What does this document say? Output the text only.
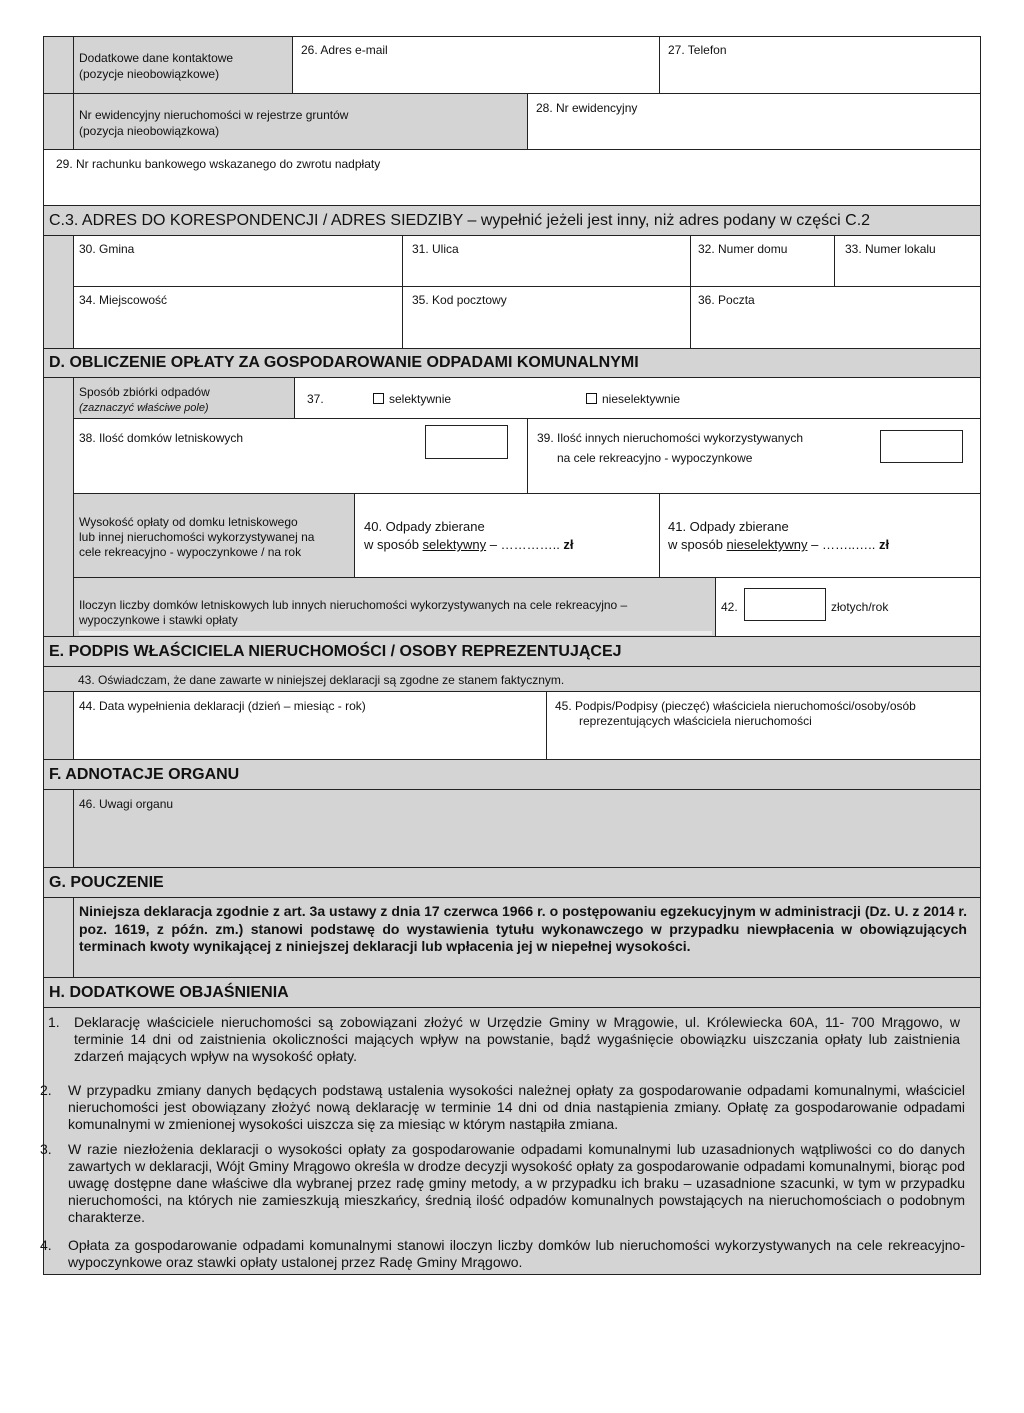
Dodatkowe dane kontaktowe
(pozycje nieobowiązkowe)
26. Adres e-mail	27. Telefon
Nr ewidencyjny nieruchomości w rejestrze gruntów
(pozycja nieobowiązkowa)
28. Nr ewidencyjny
29. Nr rachunku bankowego wskazanego do zwrotu nadpłaty
C.3. ADRES DO KORESPONDENCJI / ADRES SIEDZIBY – wypełnić jeżeli jest inny, niż adres podany w części C.2
30. Gmina	31. Ulica	32. Numer domu	33. Numer lokalu
34. Miejscowość	35. Kod pocztowy	36. Poczta
D. OBLICZENIE OPŁATY ZA GOSPODAROWANIE ODPADAMI KOMUNALNYMI
Sposób zbiórki odpadów
(zaznaczyć właściwe pole)
37.	selektywnie	nieselektywnie
38. Ilość domków letniskowych	39. Ilość innych nieruchomości wykorzystywanych
na cele rekreacyjno - wypoczynkowe
Wysokość opłaty od domku letniskowego
lub innej nieruchomości wykorzystywanej na
cele rekreacyjno - wypoczynkowe / na rok
40. Odpady zbierane
w sposób selektywny – ………….. zł
41. Odpady zbierane
w sposób nieselektywny – ……..….. zł
Iloczyn liczby domków letniskowych lub innych nieruchomości wykorzystywanych na cele rekreacyjno –
wypoczynkowe i stawki opłaty
42.	złotych/rok
E. PODPIS WŁAŚCICIELA NIERUCHOMOŚCI / OSOBY REPREZENTUJĄCEJ
43. Oświadczam, że dane zawarte w niniejszej deklaracji są zgodne ze stanem faktycznym.
44. Data wypełnienia deklaracji (dzień – miesiąc - rok)	45. Podpis/Podpisy (pieczęć) właściciela nieruchomości/osoby/osób
reprezentujących właściciela nieruchomości
F. ADNOTACJE ORGANU
46. Uwagi organu
G. POUCZENIE
Niniejsza deklaracja zgodnie z art. 3a ustawy z dnia 17 czerwca 1966 r. o postępowaniu egzekucyjnym w administracji (Dz. U. z 2014 r. poz. 1619, z późn. zm.) stanowi podstawę do wystawienia tytułu wykonawczego w przypadku niewpłacenia w obowiązujących terminach kwoty wynikającej z niniejszej deklaracji lub wpłacenia jej w niepełnej wysokości.
H. DODATKOWE OBJAŚNIENIA
1. Deklarację właściciele nieruchomości są zobowiązani złożyć w Urzędzie Gminy w Mrągowie, ul. Królewiecka 60A, 11- 700 Mrągowo, w terminie 14 dni od zaistnienia okoliczności mających wpływ na powstanie, bądź wygaśnięcie obowiązku uiszczania opłaty lub zaistnienia zdarzeń mających wpływ na wysokość opłaty.
2. W przypadku zmiany danych będących podstawą ustalenia wysokości należnej opłaty za gospodarowanie odpadami komunalnymi, właściciel nieruchomości jest obowiązany złożyć nową deklarację w terminie 14 dni od dnia nastąpienia zmiany. Opłatę za gospodarowanie odpadami komunalnymi w zmienionej wysokości uiszcza się za miesiąc w którym nastąpiła zmiana.
3. W razie niezłożenia deklaracji o wysokości opłaty za gospodarowanie odpadami komunalnymi lub uzasadnionych wątpliwości co do danych zawartych w deklaracji, Wójt Gminy Mrągowo określa w drodze decyzji wysokość opłaty za gospodarowanie odpadami komunalnymi, biorąc pod uwagę dostępne dane właściwe dla wybranej przez radę gminy metody, a w przypadku ich braku – uzasadnione szacunki, w tym w przypadku nieruchomości, na których nie zamieszkują mieszkańcy, średnią ilość odpadów komunalnych powstających na nieruchomościach o podobnym charakterze.
4. Opłata za gospodarowanie odpadami komunalnymi stanowi iloczyn liczby domków lub nieruchomości wykorzystywanych na cele rekreacyjno-wypoczynkowe oraz stawki opłaty ustalonej przez Radę Gminy Mrągowo.
